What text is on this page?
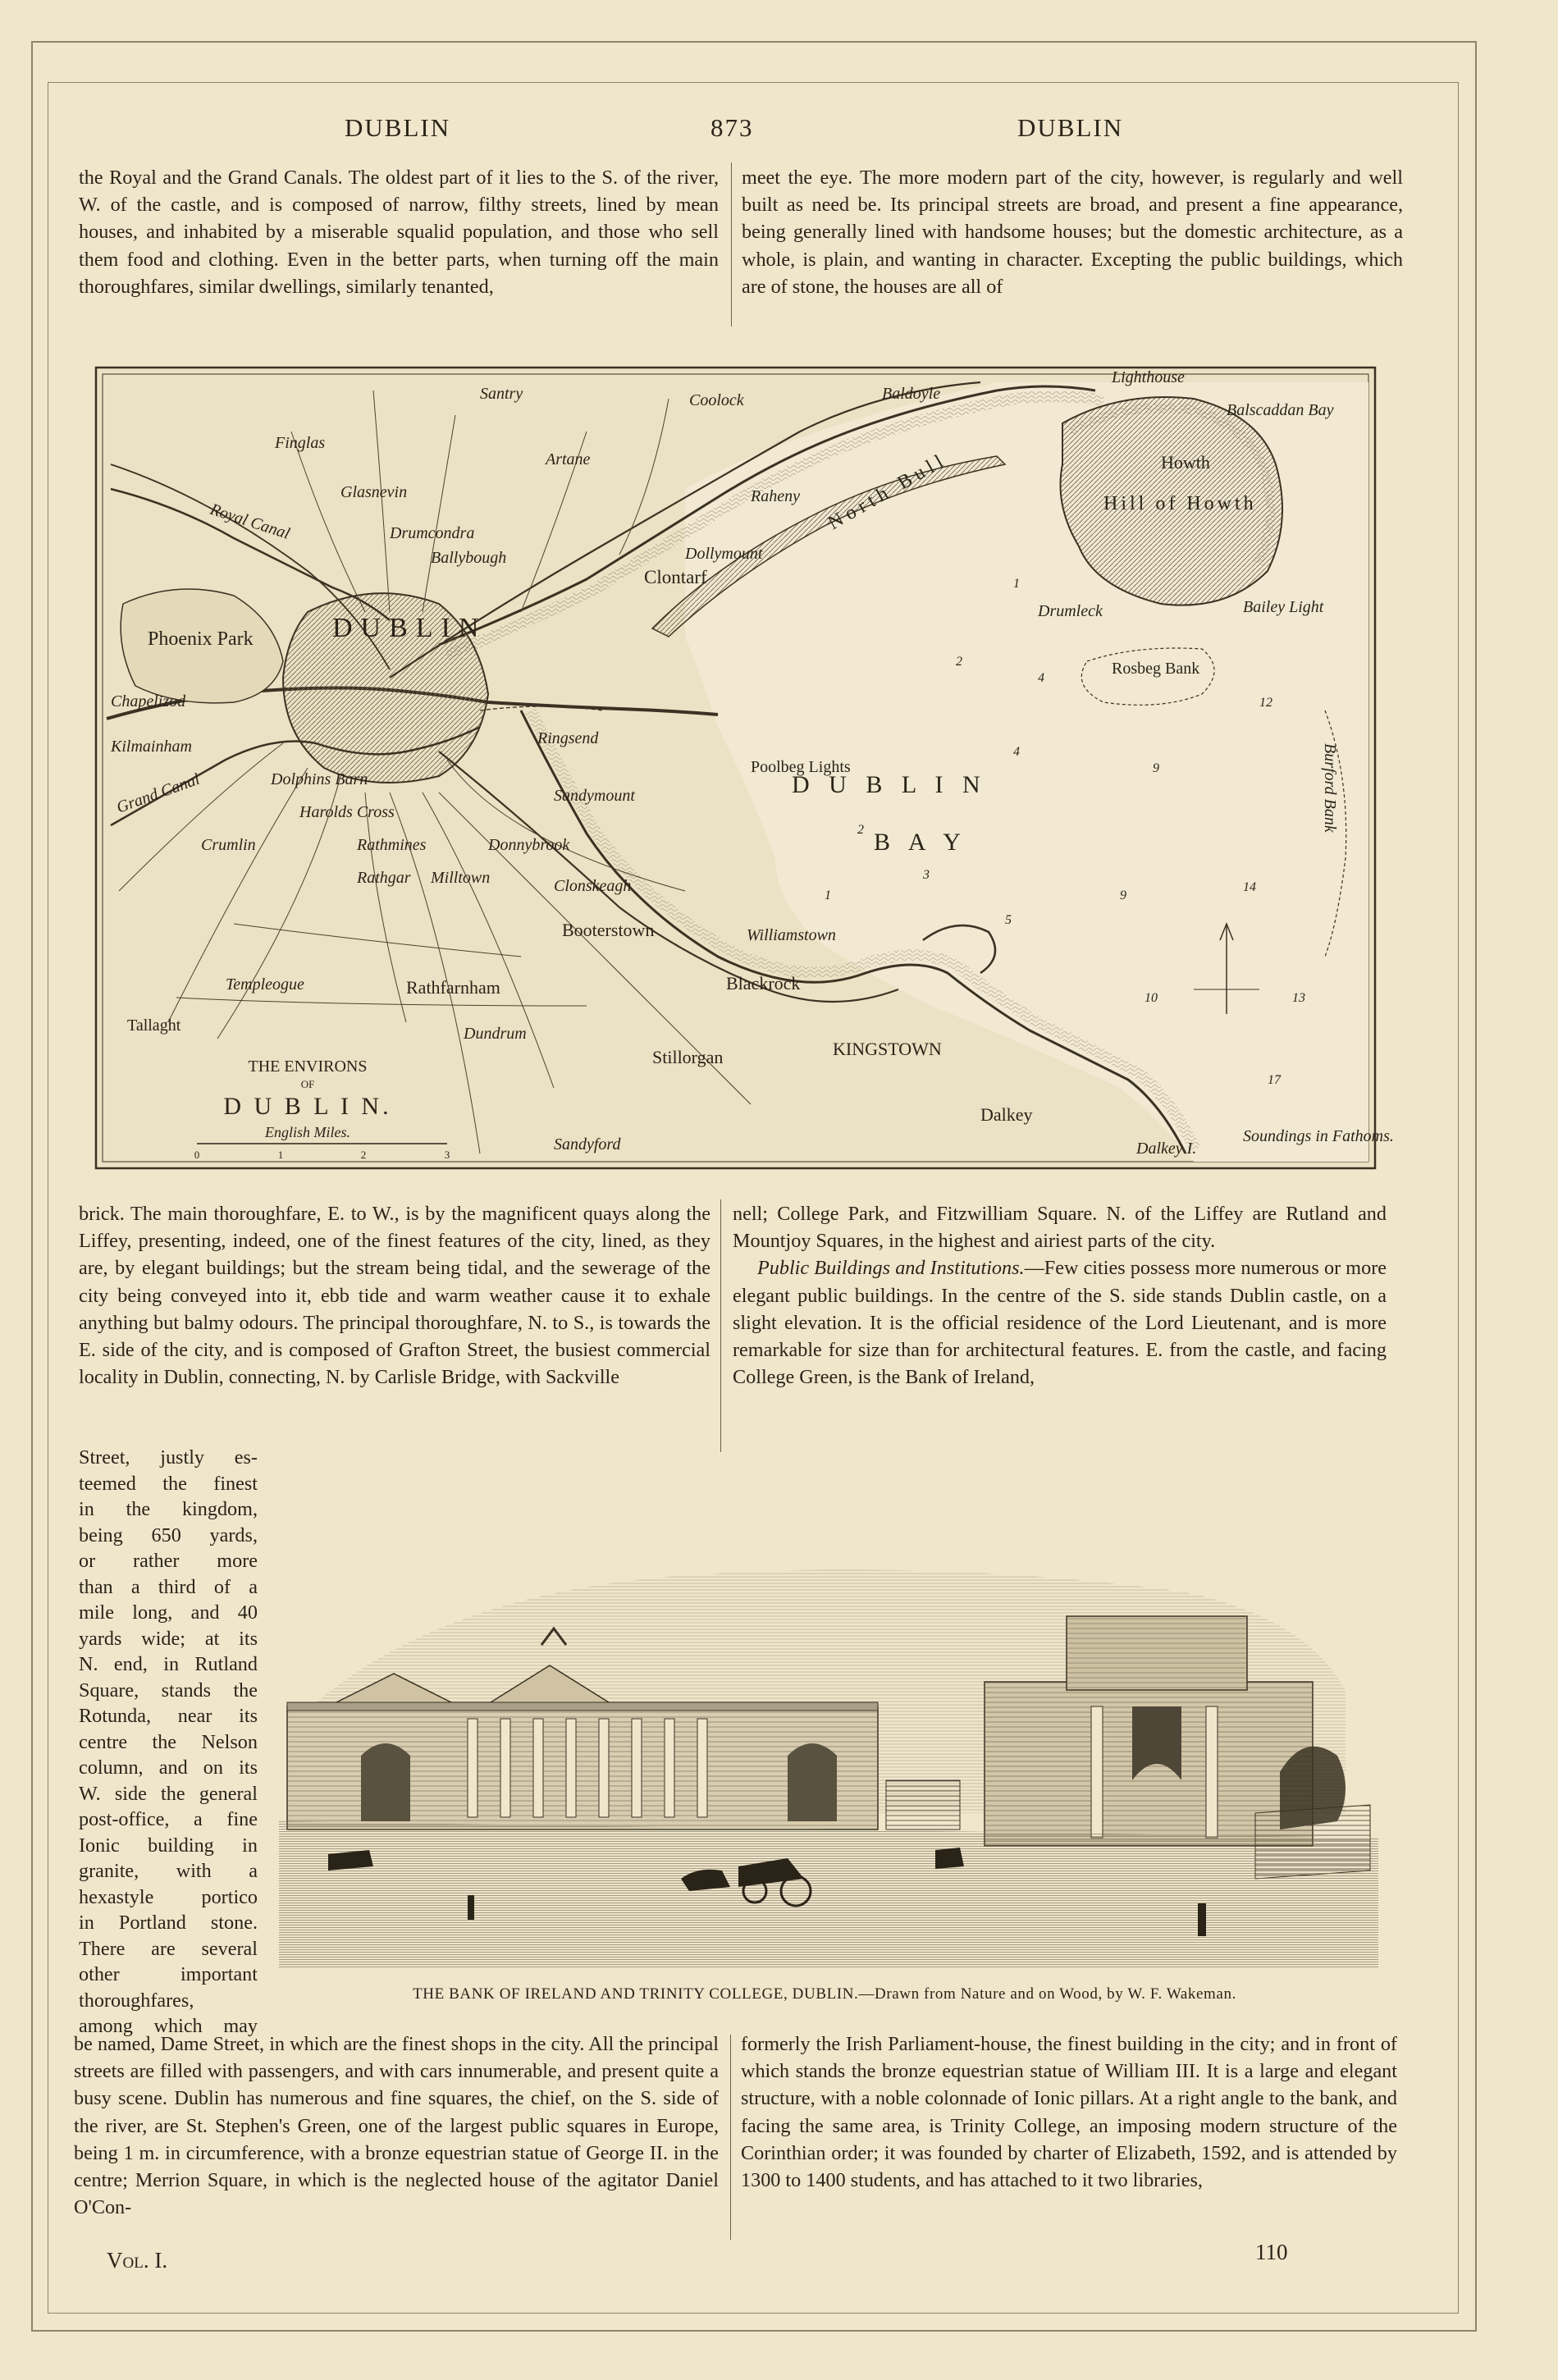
DUBLIN	873	DUBLIN
the Royal and the Grand Canals. The oldest part of it lies to the S. of the river, W. of the castle, and is composed of narrow, filthy streets, lined by mean houses, and inhabited by a miserable squalid population, and those who sell them food and clothing. Even in the better parts, when turning off the main thoroughfares, similar dwellings, similarly tenanted,
meet the eye. The more modern part of the city, however, is regularly and well built as need be. Its principal streets are broad, and present a fine appearance, being generally lined with handsome houses; but the domestic architecture, as a whole, is plain, and wanting in character. Excepting the public buildings, which are of stone, the houses are all of
Finglas
Phoenix Park
Royal Canal
Grand Canal
Glasnevin
Drumcondra
Ballybough
Clontarf
Dollymount
Raheny
Coolock
Santry
Artane
Baldoyle
Howth
Hill of Howth
Balscaddan Bay
Lighthouse
Bailey Light
Drumleck
Rosbeg Bank
North Bull
Poolbeg Lights
D U B L I N
B A Y
Burford Bank
DUBLIN
Chapelizod
Kilmainham
Dolphins Barn
Harolds Cross
Crumlin	Rathmines
Rathgar Milltown
Donnybrook
Clonskeagh
Ringsend
Sandymount
Booterstown	Williamstown
Blackrock
KINGSTOWN
Dalkey
Dalkey I.
Rathfarnham
Templeogue
Tallaght	Dundrum
Stillorgan
Sandyford	Soundings in Fathoms.
1
2
4
4
2
3
1
5
9
9
12
14
10	13
17
THE ENVIRONS
OF
D U B L I N.
English Miles.
0	1	2	3
brick. The main thoroughfare, E. to W., is by the magnificent quays along the Liffey, presenting, indeed, one of the finest features of the city, lined, as they are, by elegant buildings; but the stream being tidal, and the sewerage of the city being conveyed into it, ebb tide and warm weather cause it to exhale anything but balmy odours. The principal thoroughfare, N. to S., is towards the E. side of the city, and is composed of Grafton Street, the busiest commercial locality in Dublin, connecting, N. by Carlisle Bridge, with Sackville

nell; College Park, and Fitzwilliam Square. N. of the Liffey are Rutland and Mountjoy Squares, in the highest and airiest parts of the city.

Public Buildings and Institutions.—Few cities possess more numerous or more elegant public buildings. In the centre of the S. side stands Dublin castle, on a slight elevation. It is the official residence of the Lord Lieutenant, and is more remarkable for size than for architectural features. E. from the castle, and facing College Green, is the Bank of Ireland,

Street, justly es-
teemed the finest
in the kingdom,
being 650 yards,
or rather more
than a third of a
mile long, and 40
yards wide; at its
N. end, in Rutland
Square, stands the
Rotunda, near its
centre the Nelson
column, and on its
W. side the general
post-office, a fine
Ionic building in
granite, with a
hexastyle portico
in Portland stone.
There are several
other important
thoroughfares,
among which may
THE BANK OF IRELAND AND TRINITY COLLEGE, DUBLIN.—Drawn from Nature and on Wood, by W. F. Wakeman.
be named, Dame Street, in which are the finest shops in the city. All the principal streets are filled with passengers, and with cars innumerable, and present quite a busy scene. Dublin has numerous and fine squares, the chief, on the S. side of the river, are St. Stephen's Green, one of the largest public squares in Europe, being 1 m. in circumference, with a bronze equestrian statue of George II. in the centre; Merrion Square, in which is the neglected house of the agitator Daniel O'Con-
formerly the Irish Parliament-house, the finest building in the city; and in front of which stands the bronze equestrian statue of William III. It is a large and elegant structure, with a noble colonnade of Ionic pillars. At a right angle to the bank, and facing the same area, is Trinity College, an imposing modern structure of the Corinthian order; it was founded by charter of Elizabeth, 1592, and is attended by 1300 to 1400 students, and has attached to it two libraries,
Vol. I.	110
